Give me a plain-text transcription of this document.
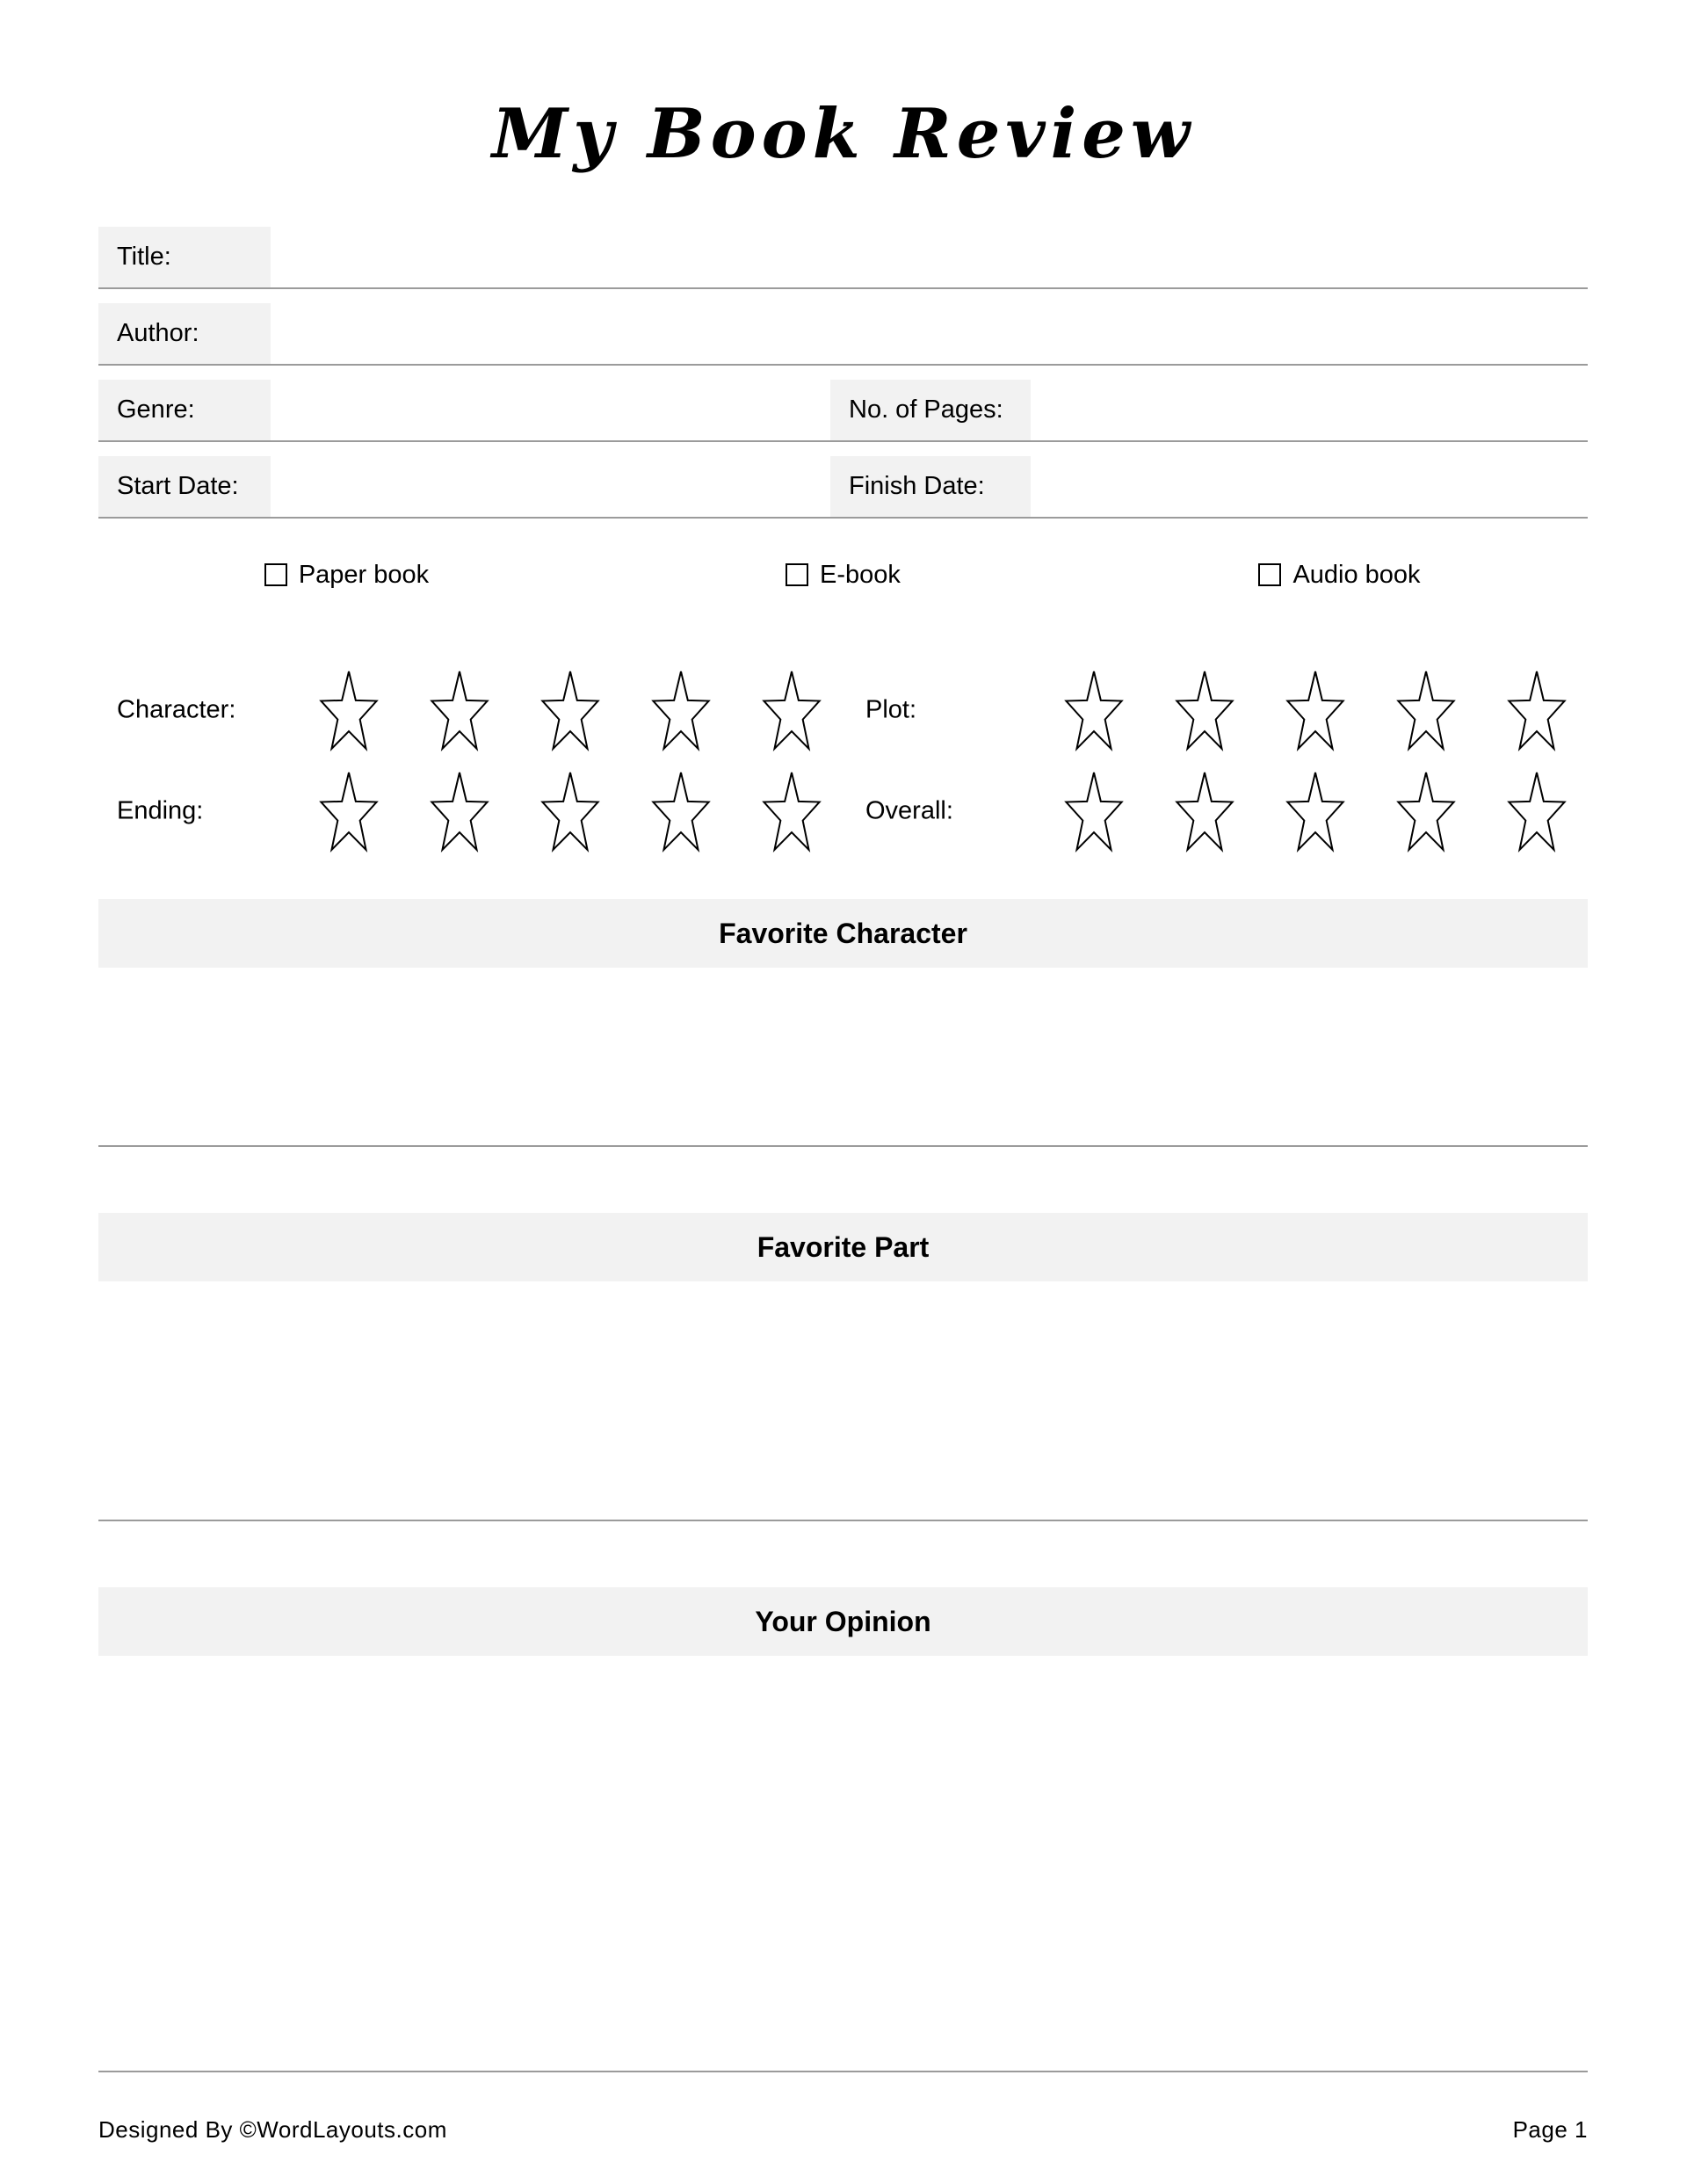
My Book Review
Title:
Author:
Genre:	No. of Pages:
Start Date:	Finish Date:
Paper book	E-book	Audio book
Character:	Plot:
Ending:	Overall:
Favorite Character
Favorite Part
Your Opinion
Designed By ©WordLayouts.com	Page 1
